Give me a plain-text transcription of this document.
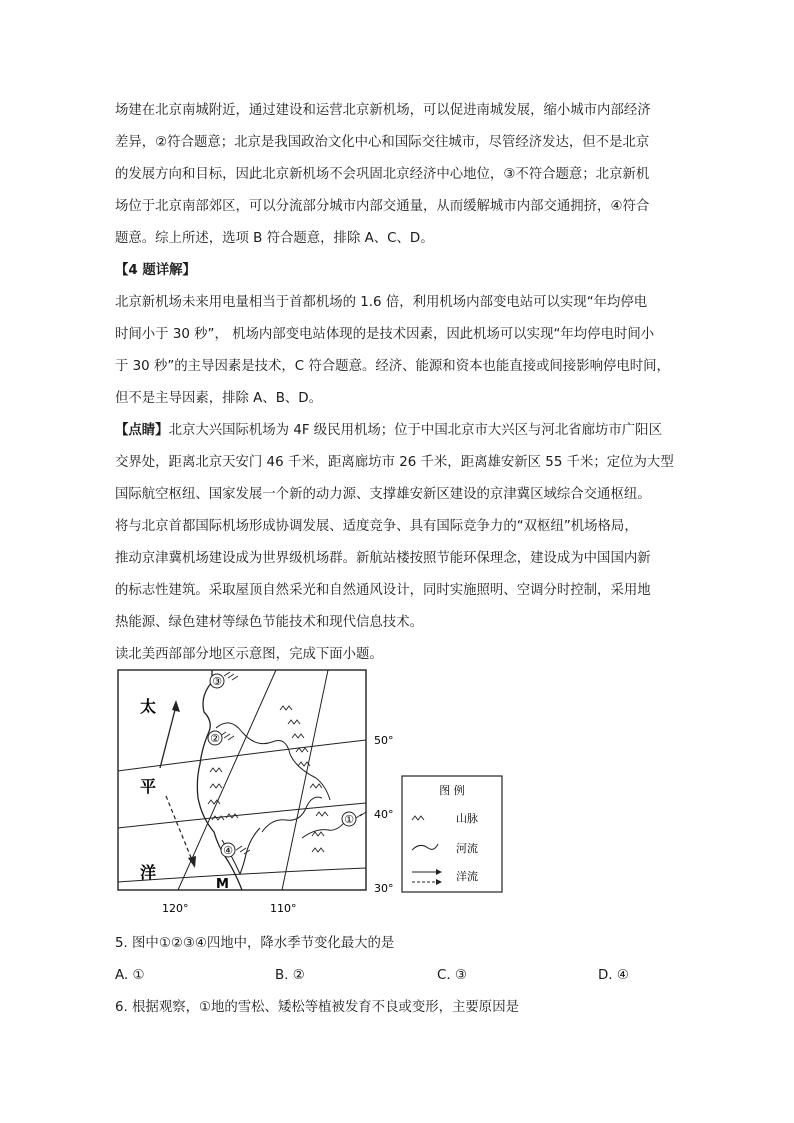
场建在北京南城附近，通过建设和运营北京新机场，可以促进南城发展，缩小城市内部经济
差异，②符合题意；北京是我国政治文化中心和国际交往城市，尽管经济发达，但不是北京
的发展方向和目标，因此北京新机场不会巩固北京经济中心地位，③不符合题意；北京新机
场位于北京南部郊区，可以分流部分城市内部交通量，从而缓解城市内部交通拥挤，④符合
题意。综上所述，选项 B 符合题意，排除 A、C、D。
【4 题详解】
北京新机场未来用电量相当于首都机场的 1.6 倍，利用机场内部变电站可以实现“年均停电
时间小于 30 秒”， 机场内部变电站体现的是技术因素，因此机场可以实现“年均停电时间小
于 30 秒”的主导因素是技术，C 符合题意。经济、能源和资本也能直接或间接影响停电时间，
但不是主导因素，排除 A、B、D。
【点睛】北京大兴国际机场为 4F 级民用机场；位于中国北京市大兴区与河北省廊坊市广阳区
交界处，距离北京天安门 46 千米，距离廊坊市 26 千米，距离雄安新区 55 千米；定位为大型
国际航空枢纽、国家发展一个新的动力源、支撑雄安新区建设的京津冀区域综合交通枢纽。
将与北京首都国际机场形成协调发展、适度竞争、具有国际竞争力的“双枢纽”机场格局，
推动京津冀机场建设成为世界级机场群。新航站楼按照节能环保理念，建设成为中国国内新
的标志性建筑。采取屋顶自然采光和自然通风设计，同时实施照明、空调分时控制，采用地
热能源、绿色建材等绿色节能技术和现代信息技术。
读北美西部部分地区示意图，完成下面小题。
太
平
洋
③
②
①
④
M
50°
40°
30°
120°	110°
图 例
山脉
河流
洋流
5. 图中①②③④四地中，降水季节变化最大的是
A. ①	B. ②	C. ③	D. ④
6. 根据观察，①地的雪松、矮松等植被发育不良或变形，主要原因是
